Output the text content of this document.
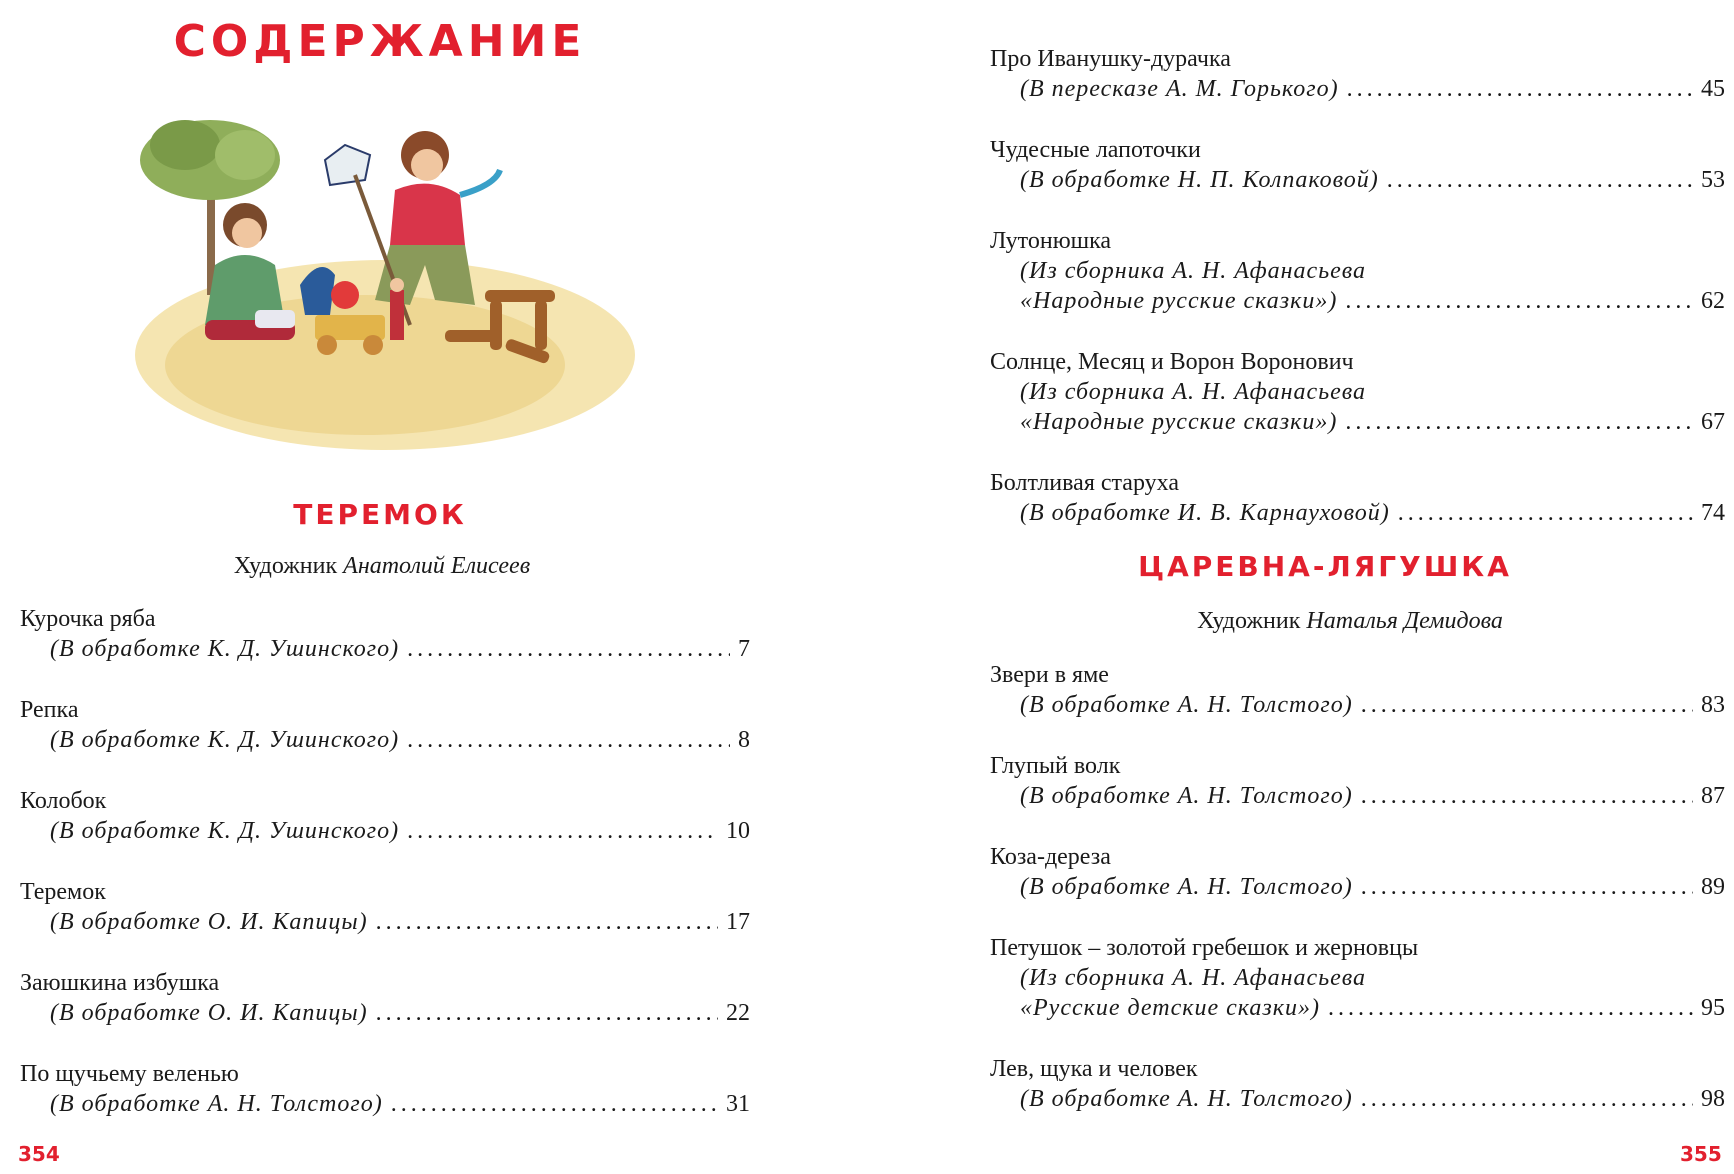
СОДЕРЖАНИЕ
ТЕРЕМОК
Художник Анатолий Елисеев
Курочка ряба
(В обработке К. Д. Ушинского) .....	7
Репка
(В обработке К. Д. Ушинского) .....	8
Колобок
(В обработке К. Д. Ушинского) .....	10
Теремок
(В обработке О. И. Капицы) .....	17
Заюшкина избушка
(В обработке О. И. Капицы) .....	22
По щучьему веленью
(В обработке А. Н. Толстого) .....	31
354
Про Иванушку-дурачка
(В пересказе А. М. Горького) .....	45
Чудесные лапоточки
(В обработке Н. П. Колпаковой) .....	53
Лутонюшка
(Из сборника А. Н. Афанасьева
«Народные русские сказки») .....	62
Солнце, Месяц и Ворон Воронович
(Из сборника А. Н. Афанасьева
«Народные русские сказки») .....	67
Болтливая старуха
(В обработке И. В. Карнауховой) .....	74
ЦАРЕВНА-ЛЯГУШКА
Художник Наталья Демидова
Звери в яме
(В обработке А. Н. Толстого) .....	83
Глупый волк
(В обработке А. Н. Толстого) .....	87
Коза-дереза
(В обработке А. Н. Толстого) .....	89
Петушок – золотой гребешок и жерновцы
(Из сборника А. Н. Афанасьева
«Русские детские сказки») .....	95
Лев, щука и человек
(В обработке А. Н. Толстого) .....	98
355
